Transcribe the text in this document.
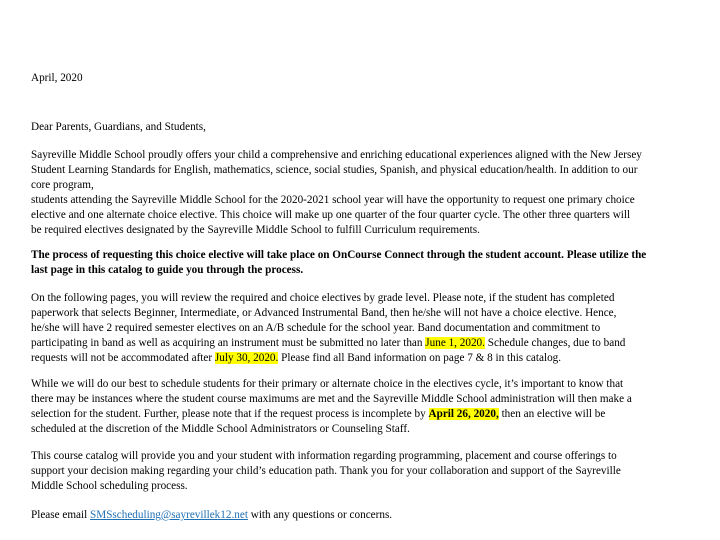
April, 2020
Dear Parents, Guardians, and Students,
Sayreville Middle School proudly offers your child a comprehensive and enriching educational experiences aligned with the New Jersey
Student Learning Standards for English, mathematics, science, social studies, Spanish, and physical education/health. In addition to our
core program,
students attending the Sayreville Middle School for the 2020-2021 school year will have the opportunity to request one primary choice
elective and one alternate choice elective. This choice will make up one quarter of the four quarter cycle. The other three quarters will
be required electives designated by the Sayreville Middle School to fulfill Curriculum requirements.
The process of requesting this choice elective will take place on OnCourse Connect through the student account. Please utilize the
last page in this catalog to guide you through the process.
On the following pages, you will review the required and choice electives by grade level. Please note, if the student has completed
paperwork that selects Beginner, Intermediate, or Advanced Instrumental Band, then he/she will not have a choice elective. Hence,
he/she will have 2 required semester electives on an A/B schedule for the school year. Band documentation and commitment to
participating in band as well as acquiring an instrument must be submitted no later than June 1, 2020. Schedule changes, due to band
requests will not be accommodated after July 30, 2020. Please find all Band information on page 7 & 8 in this catalog.
While we will do our best to schedule students for their primary or alternate choice in the electives cycle, it’s important to know that
there may be instances where the student course maximums are met and the Sayreville Middle School administration will then make a
selection for the student. Further, please note that if the request process is incomplete by April 26, 2020, then an elective will be
scheduled at the discretion of the Middle School Administrators or Counseling Staff.
This course catalog will provide you and your student with information regarding programming, placement and course offerings to
support your decision making regarding your child’s education path. Thank you for your collaboration and support of the Sayreville
Middle School scheduling process.
Please email SMSscheduling@sayrevillek12.net with any questions or concerns.
